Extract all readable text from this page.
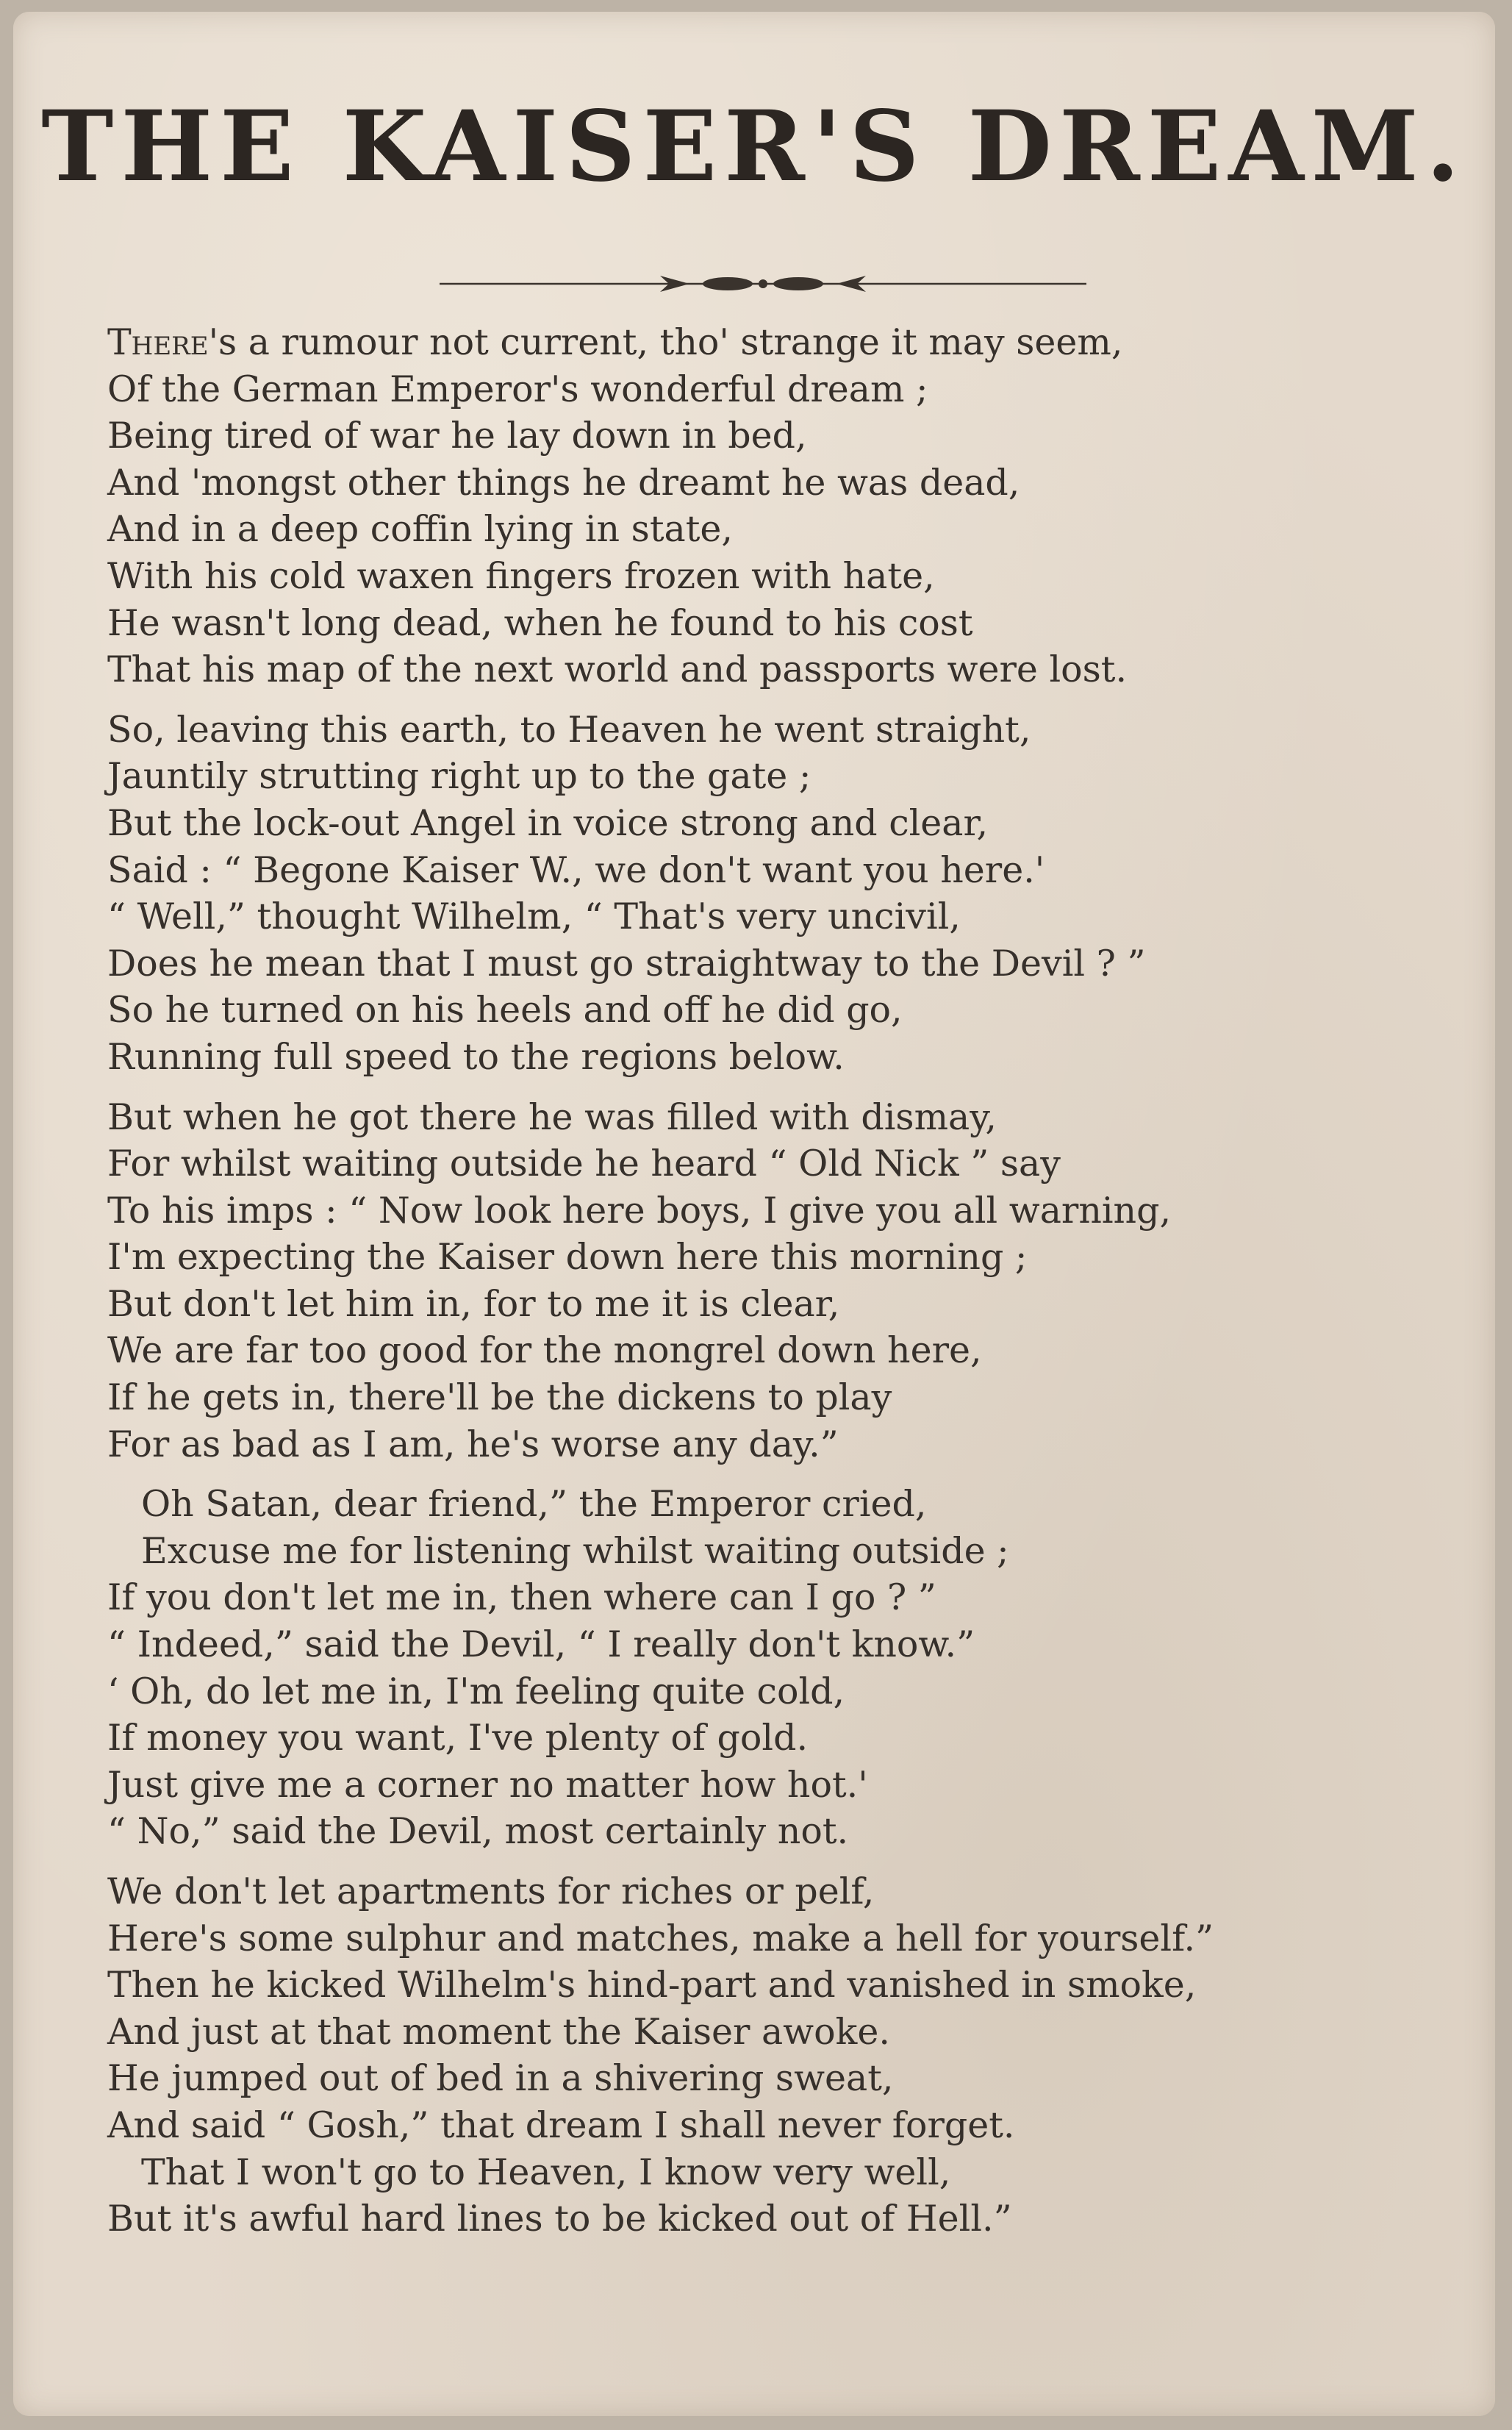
THE KAISER'S DREAM.
There's a rumour not current, tho' strange it may seem,
Of the German Emperor's wonderful dream ;
Being tired of war he lay down in bed,
And 'mongst other things he dreamt he was dead,
And in a deep coffin lying in state,
With his cold waxen fingers frozen with hate,
He wasn't long dead, when he found to his cost
That his map of the next world and passports were lost.
So, leaving this earth, to Heaven he went straight,
Jauntily strutting right up to the gate ;
But the lock-out Angel in voice strong and clear,
Said : “ Begone Kaiser W., we don't want you here.'
“ Well,” thought Wilhelm, “ That's very uncivil,
Does he mean that I must go straightway to the Devil ? ”
So he turned on his heels and off he did go,
Running full speed to the regions below.
But when he got there he was filled with dismay,
For whilst waiting outside he heard “ Old Nick ” say
To his imps : “ Now look here boys, I give you all warning,
I'm expecting the Kaiser down here this morning ;
But don't let him in, for to me it is clear,
We are far too good for the mongrel down here,
If he gets in, there'll be the dickens to play
For as bad as I am, he's worse any day.”
Oh Satan, dear friend,” the Emperor cried,
Excuse me for listening whilst waiting outside ;
If you don't let me in, then where can I go ? ”
“ Indeed,” said the Devil, “ I really don't know.”
‘ Oh, do let me in, I'm feeling quite cold,
If money you want, I've plenty of gold.
Just give me a corner no matter how hot.'
“ No,” said the Devil, most certainly not.
We don't let apartments for riches or pelf,
Here's some sulphur and matches, make a hell for yourself.”
Then he kicked Wilhelm's hind-part and vanished in smoke,
And just at that moment the Kaiser awoke.
He jumped out of bed in a shivering sweat,
And said “ Gosh,” that dream I shall never forget.
That I won't go to Heaven, I know very well,
But it's awful hard lines to be kicked out of Hell.”
